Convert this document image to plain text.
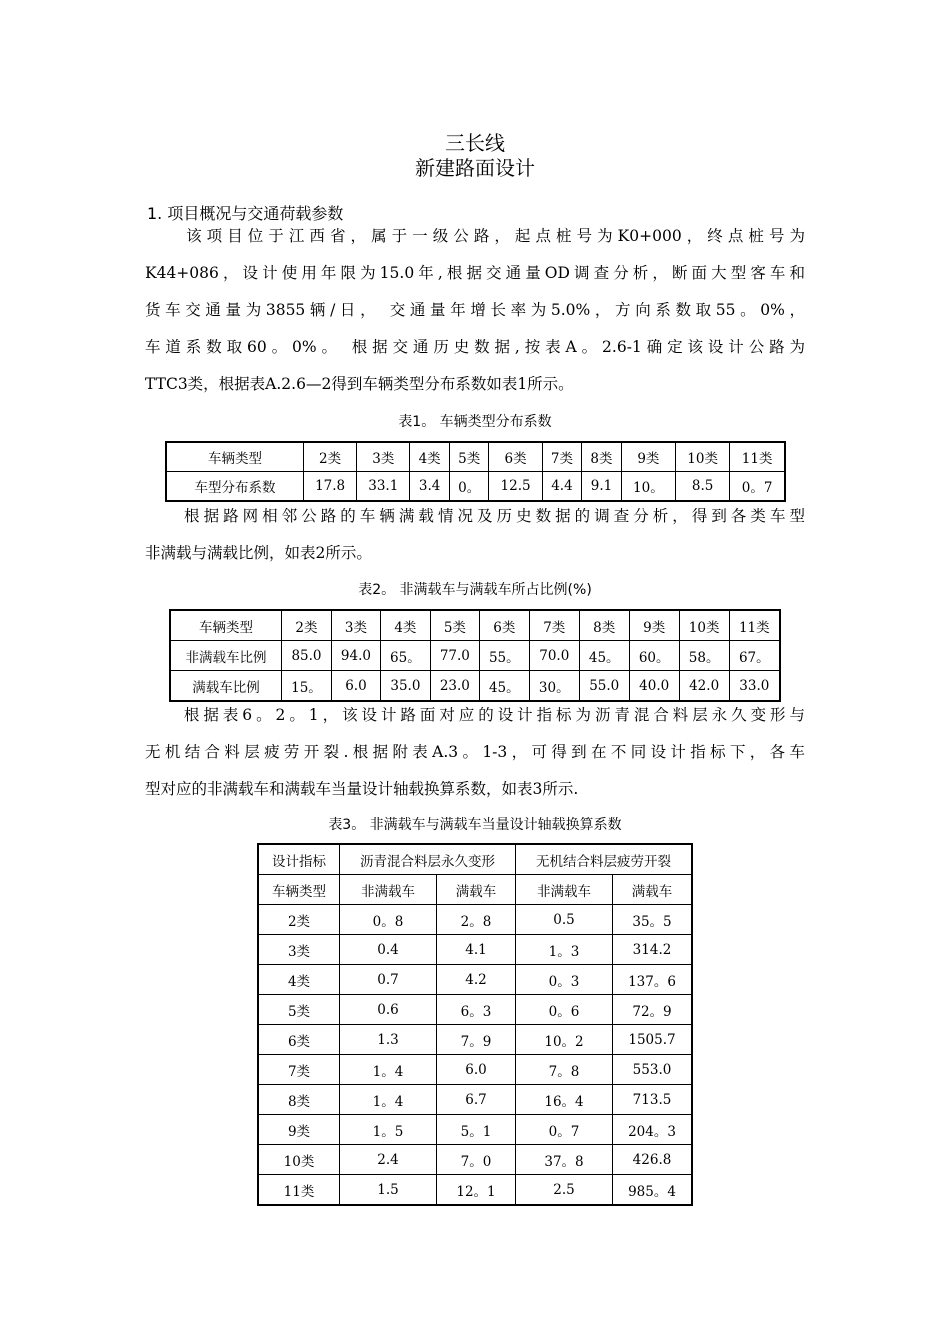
三长线
新建路面设计
1. 项目概况与交通荷载参数
　　该项目位于江西省，属于一级公路，起点桩号为K0+000，终点桩号为
K44+086，设计使用年限为15.0年,根据交通量OD调查分析，断面大型客车和
货车交通量为3855辆/日， 交通量年增长率为5.0%，方向系数取55。0%，
车道系数取60。0%。 根据交通历史数据,按表A。2.6-1确定该设计公路为
TTC3类，根据表A.2.6—2得到车辆类型分布系数如表1所示。
表1。 车辆类型分布系数
车辆类型	2类	3类	4类	5类	6类	7类	8类	9类	10类	11类
车型分布系数	17.8	33.1	3.4	0。	12.5	4.4	9.1	10。	8.5	0。7
　　根据路网相邻公路的车辆满载情况及历史数据的调查分析，得到各类车型
非满载与满载比例，如表2所示。
表2。 非满载车与满载车所占比例(%)
车辆类型	2类	3类	4类	5类	6类	7类	8类	9类	10类	11类
非满载车比例	85.0	94.0	65。	77.0	55。	70.0	45。	60。	58。	67。
满载车比例	15。	6.0	35.0	23.0	45。	30。	55.0	40.0	42.0	33.0
　　根据表6。2。1，该设计路面对应的设计指标为沥青混合料层永久变形与
无机结合料层疲劳开裂.根据附表A.3。1-3，可得到在不同设计指标下，各车
型对应的非满载车和满载车当量设计轴载换算系数，如表3所示.
表3。 非满载车与满载车当量设计轴载换算系数
设计指标	沥青混合料层永久变形		无机结合料层疲劳开裂	
车辆类型	非满载车	满载车	非满载车	满载车
2类	0。8	2。8	0.5	35。5
3类	0.4	4.1	1。3	314.2
4类	0.7	4.2	0。3	137。6
5类	0.6	6。3	0。6	72。9
6类	1.3	7。9	10。2	1505.7
7类	1。4	6.0	7。8	553.0
8类	1。4	6.7	16。4	713.5
9类	1。5	5。1	0。7	204。3
10类	2.4	7。0	37。8	426.8
11类	1.5	12。1	2.5	985。4
